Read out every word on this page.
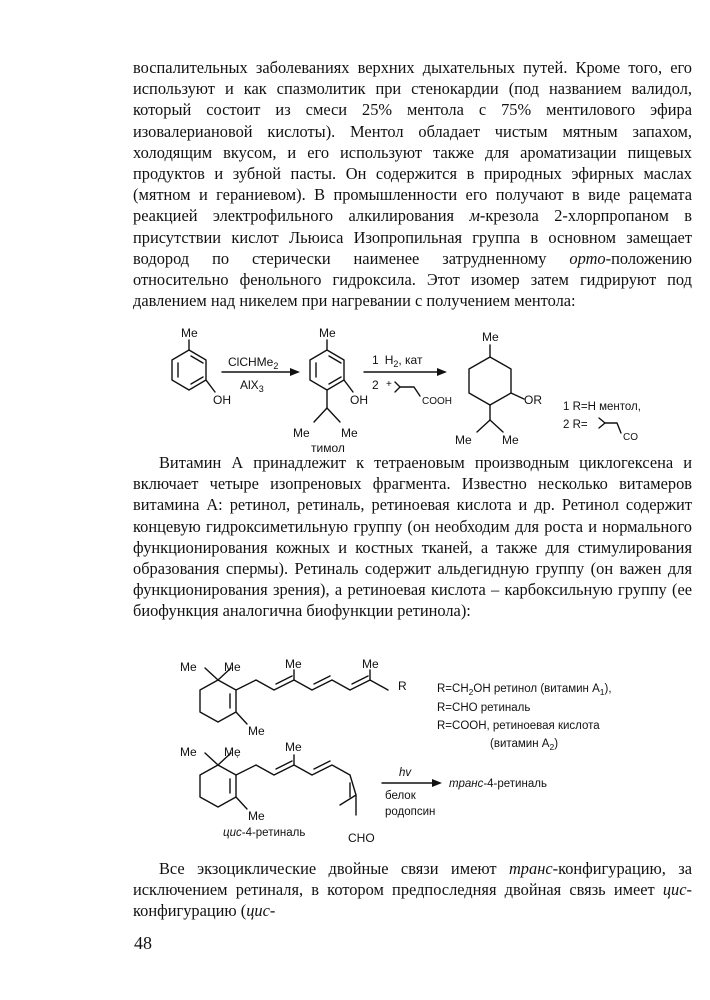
воспалительных заболеваниях верхних дыхательных путей. Кроме того, его используют и как спазмолитик при стенокардии (под названием валидол, который состоит из смеси 25% ментола с 75% ментилового эфира изовалериановой кислоты). Ментол обладает чистым мятным запахом, холодящим вкусом, и его используют также для ароматизации пищевых продуктов и зубной пасты. Он содержится в природных эфирных маслах (мятном и гераниевом). В промышленности его получают в виде рацемата реакцией электрофильного алкилирования м-крезола 2-хлорпропаном в присутствии кислот Льюиса Изопропильная группа в основном замещает водород по стерически наименее затрудненному орто-положению относительно фенольного гидроксила. Этот изомер затем гидрируют под давлением над никелем при нагревании с получением ментола:

Me
OH
ClCHMe$_2$
AlX$_3$
Me
OH
Me	Me
тимол
1 $H_2$, кат
2 +
COOH
Me
OR
Me	Me
1 R=H ментол,
2 R=
CO

Витамин А принадлежит к тетраеновым производным циклогексена и включает четыре изопреновых фрагмента. Известно несколько витамеров витамина А: ретинол, ретиналь, ретиноевая кислота и др. Ретинол содержит концевую гидроксиметильную группу (он необходим для роста и нормального функционирования кожных и костных тканей, а также для стимулирования образования спермы). Ретиналь содержит альдегидную группу (он важен для функционирования зрения), а ретиноевая кислота – карбоксильную группу (ее биофункция аналогична биофункции ретинола):

Me Me
Me
Me	Me
R	$R=CH_2OH$ ретинол (витамин $A_1$),
R=CHO ретиналь
R=COOH, ретиноевая кислота
(витамин $A_2$)
Me Mẹ
Me
Me
CHO
цис-4-ретиналь
hv
белок
родопсин
транс-4-ретиналь

Все экзоциклические двойные связи имеют транс-конфигурацию, за исключением ретиналя, в котором предпоследняя двойная связь имеет цис-конфигурацию (цис-

48
